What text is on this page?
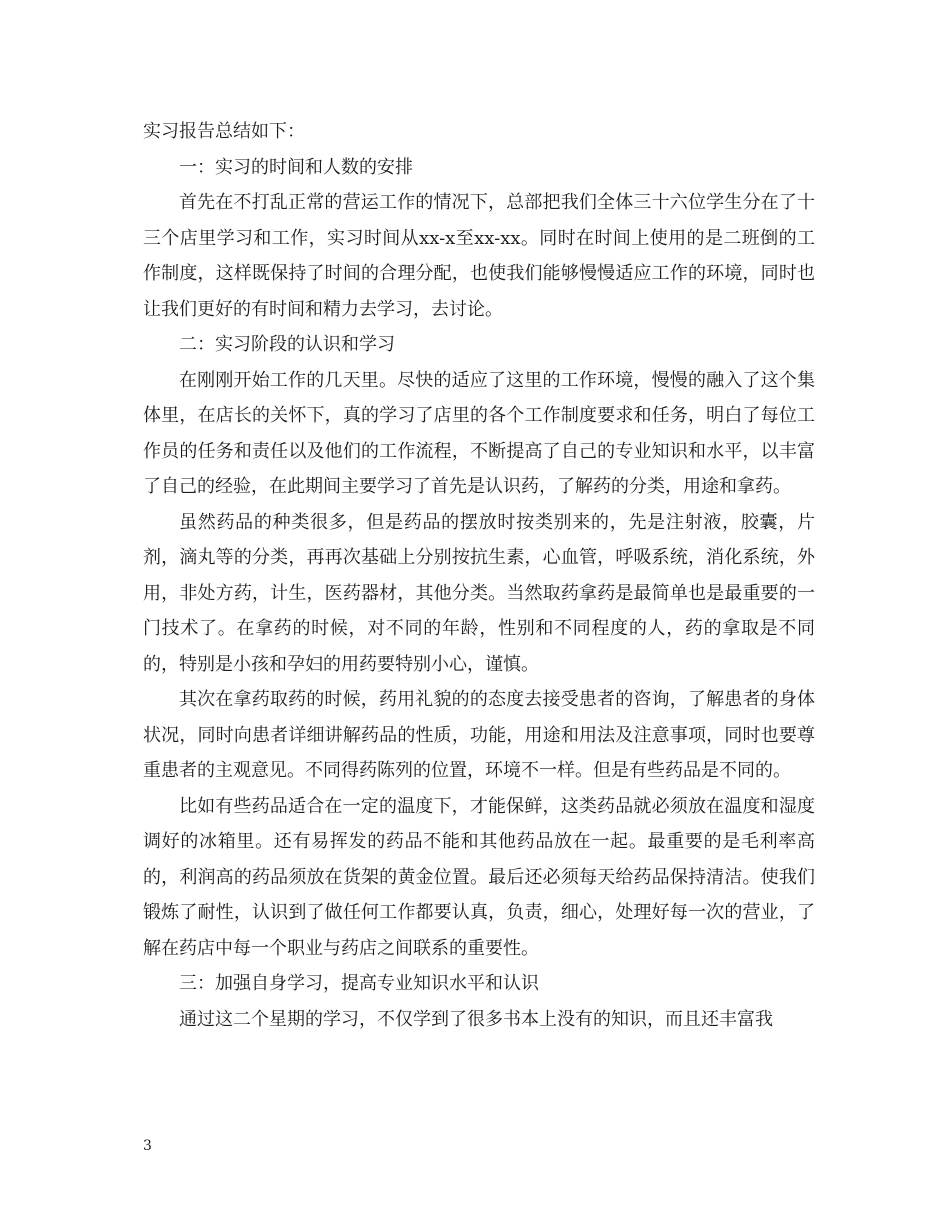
实习报告总结如下：

一：实习的时间和人数的安排

首先在不打乱正常的营运工作的情况下，总部把我们全体三十六位学生分在了十三个店里学习和工作，实习时间从xx-x至xx-xx。同时在时间上使用的是二班倒的工作制度，这样既保持了时间的合理分配，也使我们能够慢慢适应工作的环境，同时也让我们更好的有时间和精力去学习，去讨论。

二：实习阶段的认识和学习

在刚刚开始工作的几天里。尽快的适应了这里的工作环境，慢慢的融入了这个集体里，在店长的关怀下，真的学习了店里的各个工作制度要求和任务，明白了每位工作员的任务和责任以及他们的工作流程，不断提高了自己的专业知识和水平，以丰富了自己的经验，在此期间主要学习了首先是认识药，了解药的分类，用途和拿药。

虽然药品的种类很多，但是药品的摆放时按类别来的，先是注射液，胶囊，片剂，滴丸等的分类，再再次基础上分别按抗生素，心血管，呼吸系统，消化系统，外用，非处方药，计生，医药器材，其他分类。当然取药拿药是最简单也是最重要的一门技术了。在拿药的时候，对不同的年龄，性别和不同程度的人，药的拿取是不同的，特别是小孩和孕妇的用药要特别小心，谨慎。

其次在拿药取药的时候，药用礼貌的的态度去接受患者的咨询，了解患者的身体状况，同时向患者详细讲解药品的性质，功能，用途和用法及注意事项，同时也要尊重患者的主观意见。不同得药陈列的位置，环境不一样。但是有些药品是不同的。

比如有些药品适合在一定的温度下，才能保鲜，这类药品就必须放在温度和湿度调好的冰箱里。还有易挥发的药品不能和其他药品放在一起。最重要的是毛利率高的，利润高的药品须放在货架的黄金位置。最后还必须每天给药品保持清洁。使我们锻炼了耐性，认识到了做任何工作都要认真，负责，细心，处理好每一次的营业，了解在药店中每一个职业与药店之间联系的重要性。

三：加强自身学习，提高专业知识水平和认识

通过这二个星期的学习，不仅学到了很多书本上没有的知识，而且还丰富我

3
